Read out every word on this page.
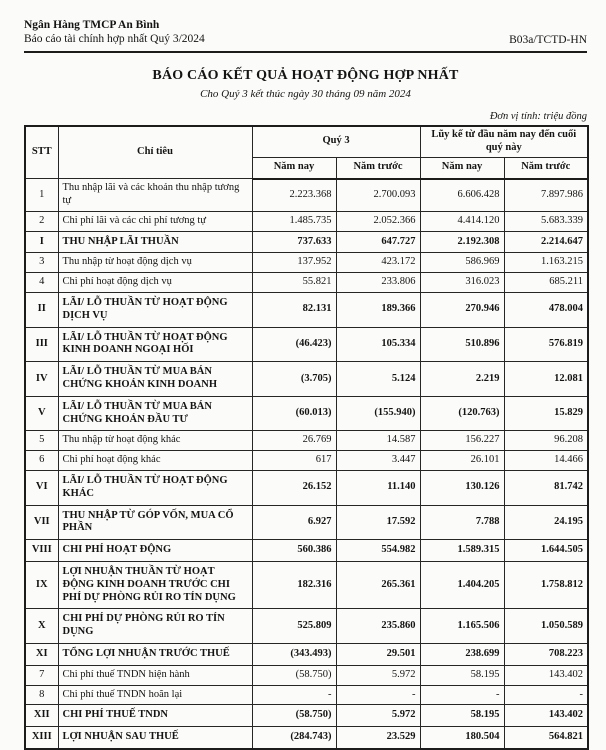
Ngân Hàng TMCP An Bình
Báo cáo tài chính hợp nhất Quý 3/2024	B03a/TCTD-HN
BÁO CÁO KẾT QUẢ HOẠT ĐỘNG HỢP NHẤT
Cho Quý 3 kết thúc ngày 30 tháng 09 năm 2024
Đơn vị tính: triệu đồng
STT	Chỉ tiêu	Quý 3		Lũy kế từ đầu năm nay đến cuối quý này	
		Năm nay	Năm trước	Năm nay	Năm trước
1	Thu nhập lãi và các khoản thu nhập tương tự	2.223.368	2.700.093	6.606.428	7.897.986
2	Chi phí lãi và các chi phí tương tự	1.485.735	2.052.366	4.414.120	5.683.339
I	THU NHẬP LÃI THUẦN	737.633	647.727	2.192.308	2.214.647
3	Thu nhập từ hoạt động dịch vụ	137.952	423.172	586.969	1.163.215
4	Chi phí hoạt động dịch vụ	55.821	233.806	316.023	685.211
II	LÃI/ LỖ THUẦN TỪ HOẠT ĐỘNG DỊCH VỤ	82.131	189.366	270.946	478.004
III	LÃI/ LỖ THUẦN TỪ HOẠT ĐỘNG KINH DOANH NGOẠI HỐI	(46.423)	105.334	510.896	576.819
IV	LÃI/ LỖ THUẦN TỪ MUA BÁN CHỨNG KHOÁN KINH DOANH	(3.705)	5.124	2.219	12.081
V	LÃI/ LỖ THUẦN TỪ MUA BÁN CHỨNG KHOÁN ĐẦU TƯ	(60.013)	(155.940)	(120.763)	15.829
5	Thu nhập từ hoạt động khác	26.769	14.587	156.227	96.208
6	Chi phí hoạt động khác	617	3.447	26.101	14.466
VI	LÃI/ LỖ THUẦN TỪ HOẠT ĐỘNG KHÁC	26.152	11.140	130.126	81.742
VII	THU NHẬP TỪ GÓP VỐN, MUA CỔ PHẦN	6.927	17.592	7.788	24.195
VIII	CHI PHÍ HOẠT ĐỘNG	560.386	554.982	1.589.315	1.644.505
IX	LỢI NHUẬN THUẦN TỪ HOẠT ĐỘNG KINH DOANH TRƯỚC CHI PHÍ DỰ PHÒNG RỦI RO TÍN DỤNG	182.316	265.361	1.404.205	1.758.812
X	CHI PHÍ DỰ PHÒNG RỦI RO TÍN DỤNG	525.809	235.860	1.165.506	1.050.589
XI	TỔNG LỢI NHUẬN TRƯỚC THUẾ	(343.493)	29.501	238.699	708.223
7	Chi phí thuế TNDN hiện hành	(58.750)	5.972	58.195	143.402
8	Chi phí thuế TNDN hoãn lại	-	-	-	-
XII	CHI PHÍ THUẾ TNDN	(58.750)	5.972	58.195	143.402
XIII	LỢI NHUẬN SAU THUẾ	(284.743)	23.529	180.504	564.821
